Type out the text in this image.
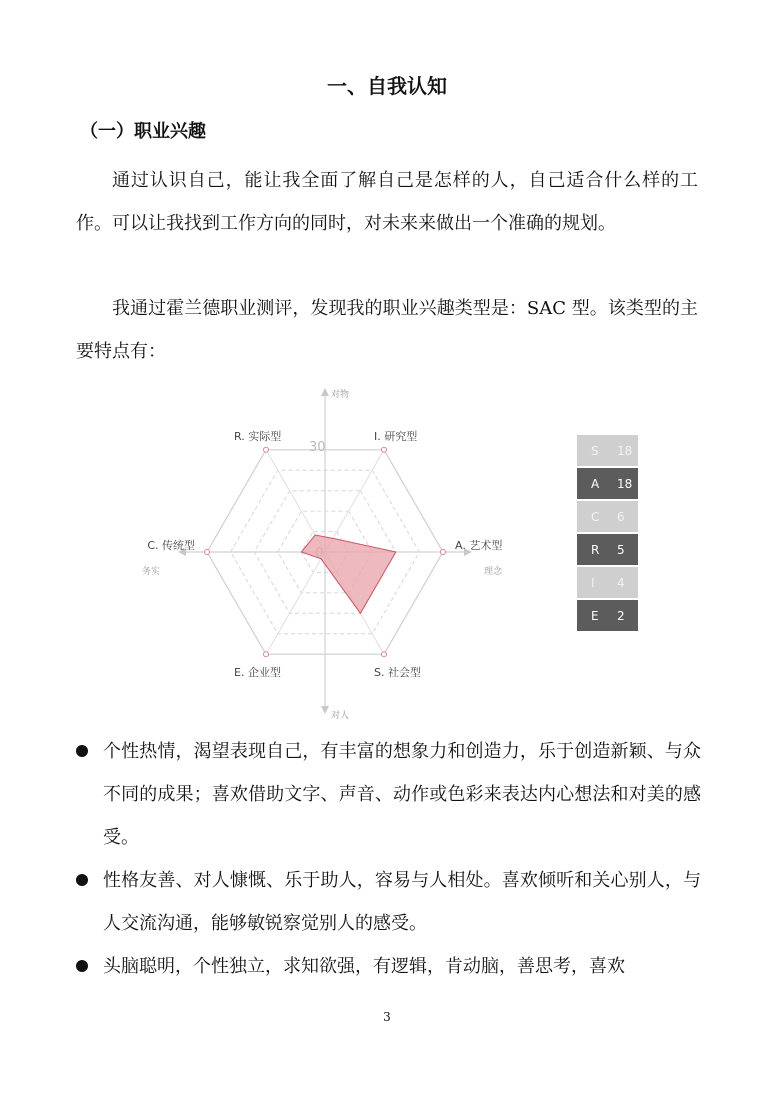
一、自我认知
（一）职业兴趣

通过认识自己，能让我全面了解自己是怎样的人，自己适合什么样的工作。可以让我找到工作方向的同时，对未来来做出一个准确的规划。

我通过霍兰德职业测评，发现我的职业兴趣类型是：SAC 型。该类型的主要特点有：

对物
对人
务实	理念
30
I. 研究型
A. 艺术型
S. 社会型
E. 企业型
C. 传统型
R. 实际型
S 18
A 18
C 6
R 5
I 4
E 2
个性热情，渴望表现自己，有丰富的想象力和创造力，乐于创造新颖、与众不同的成果；喜欢借助文字、声音、动作或色彩来表达内心想法和对美的感受。
性格友善、对人慷慨、乐于助人，容易与人相处。喜欢倾听和关心别人，与人交流沟通，能够敏锐察觉别人的感受。
头脑聪明，个性独立，求知欲强，有逻辑，肯动脑，善思考，喜欢
3
